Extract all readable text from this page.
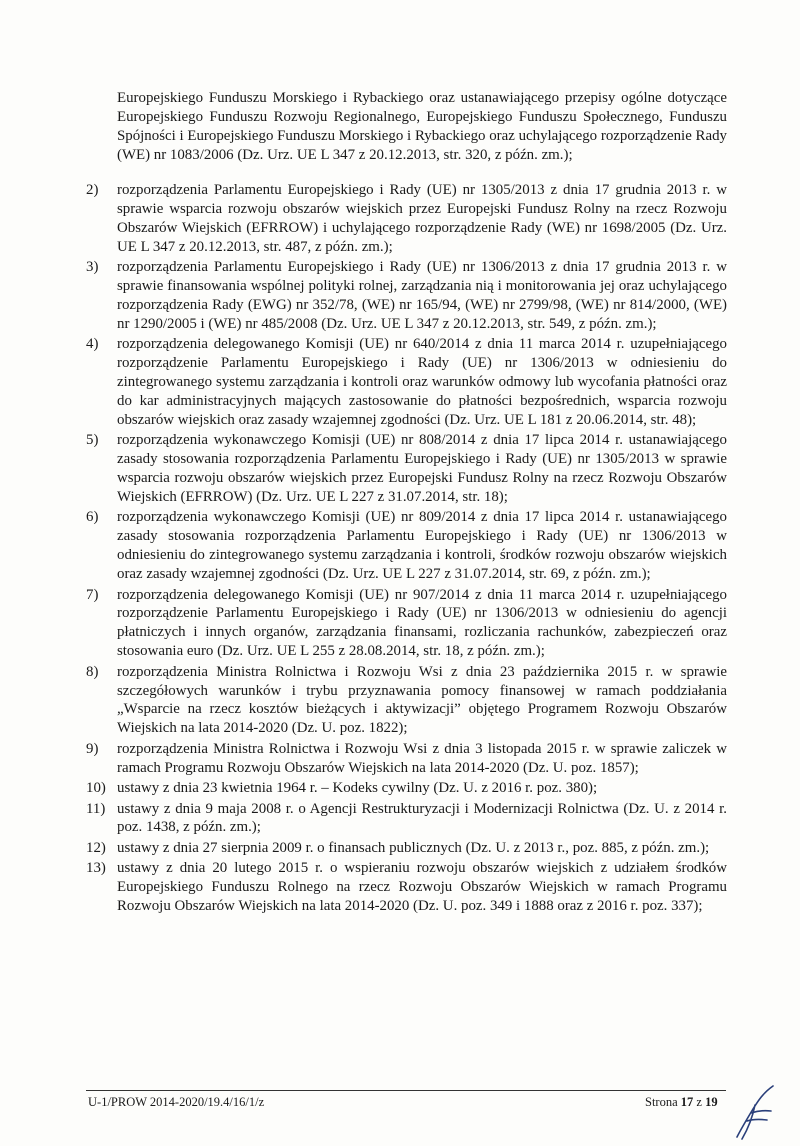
Europejskiego Funduszu Morskiego i Rybackiego oraz ustanawiającego przepisy ogólne dotyczące Europejskiego Funduszu Rozwoju Regionalnego, Europejskiego Funduszu Społecznego, Funduszu Spójności i Europejskiego Funduszu Morskiego i Rybackiego oraz uchylającego rozporządzenie Rady (WE) nr 1083/2006 (Dz. Urz. UE L 347 z 20.12.2013, str. 320, z późn. zm.);

2) rozporządzenia Parlamentu Europejskiego i Rady (UE) nr 1305/2013 z dnia 17 grudnia 2013 r. w sprawie wsparcia rozwoju obszarów wiejskich przez Europejski Fundusz Rolny na rzecz Rozwoju Obszarów Wiejskich (EFRROW) i uchylającego rozporządzenie Rady (WE) nr 1698/2005 (Dz. Urz. UE L 347 z 20.12.2013, str. 487, z późn. zm.);
3) rozporządzenia Parlamentu Europejskiego i Rady (UE) nr 1306/2013 z dnia 17 grudnia 2013 r. w sprawie finansowania wspólnej polityki rolnej, zarządzania nią i monitorowania jej oraz uchylającego rozporządzenia Rady (EWG) nr 352/78, (WE) nr 165/94, (WE) nr 2799/98, (WE) nr 814/2000, (WE) nr 1290/2005 i (WE) nr 485/2008 (Dz. Urz. UE L 347 z 20.12.2013, str. 549, z późn. zm.);
4) rozporządzenia delegowanego Komisji (UE) nr 640/2014 z dnia 11 marca 2014 r. uzupełniającego rozporządzenie Parlamentu Europejskiego i Rady (UE) nr 1306/2013 w odniesieniu do zintegrowanego systemu zarządzania i kontroli oraz warunków odmowy lub wycofania płatności oraz do kar administracyjnych mających zastosowanie do płatności bezpośrednich, wsparcia rozwoju obszarów wiejskich oraz zasady wzajemnej zgodności (Dz. Urz. UE L 181 z 20.06.2014, str. 48);
5) rozporządzenia wykonawczego Komisji (UE) nr 808/2014 z dnia 17 lipca 2014 r. ustanawiającego zasady stosowania rozporządzenia Parlamentu Europejskiego i Rady (UE) nr 1305/2013 w sprawie wsparcia rozwoju obszarów wiejskich przez Europejski Fundusz Rolny na rzecz Rozwoju Obszarów Wiejskich (EFRROW) (Dz. Urz. UE L 227 z 31.07.2014, str. 18);
6) rozporządzenia wykonawczego Komisji (UE) nr 809/2014 z dnia 17 lipca 2014 r. ustanawiającego zasady stosowania rozporządzenia Parlamentu Europejskiego i Rady (UE) nr 1306/2013 w odniesieniu do zintegrowanego systemu zarządzania i kontroli, środków rozwoju obszarów wiejskich oraz zasady wzajemnej zgodności (Dz. Urz. UE L 227 z 31.07.2014, str. 69, z późn. zm.);
7) rozporządzenia delegowanego Komisji (UE) nr 907/2014 z dnia 11 marca 2014 r. uzupełniającego rozporządzenie Parlamentu Europejskiego i Rady (UE) nr 1306/2013 w odniesieniu do agencji płatniczych i innych organów, zarządzania finansami, rozliczania rachunków, zabezpieczeń oraz stosowania euro (Dz. Urz. UE L 255 z 28.08.2014, str. 18, z późn. zm.);
8) rozporządzenia Ministra Rolnictwa i Rozwoju Wsi z dnia 23 października 2015 r. w sprawie szczegółowych warunków i trybu przyznawania pomocy finansowej w ramach poddziałania „Wsparcie na rzecz kosztów bieżących i aktywizacji” objętego Programem Rozwoju Obszarów Wiejskich na lata 2014-2020 (Dz. U. poz. 1822);
9) rozporządzenia Ministra Rolnictwa i Rozwoju Wsi z dnia 3 listopada 2015 r. w sprawie zaliczek w ramach Programu Rozwoju Obszarów Wiejskich na lata 2014-2020 (Dz. U. poz. 1857);
10) ustawy z dnia 23 kwietnia 1964 r. – Kodeks cywilny (Dz. U. z 2016 r. poz. 380);
11) ustawy z dnia 9 maja 2008 r. o Agencji Restrukturyzacji i Modernizacji Rolnictwa (Dz. U. z 2014 r. poz. 1438, z późn. zm.);
12) ustawy z dnia 27 sierpnia 2009 r. o finansach publicznych (Dz. U. z 2013 r., poz. 885, z późn. zm.);
13) ustawy z dnia 20 lutego 2015 r. o wspieraniu rozwoju obszarów wiejskich z udziałem środków Europejskiego Funduszu Rolnego na rzecz Rozwoju Obszarów Wiejskich w ramach Programu Rozwoju Obszarów Wiejskich na lata 2014-2020 (Dz. U. poz. 349 i 1888 oraz z 2016 r. poz. 337);
U-1/PROW 2014-2020/19.4/16/1/z	Strona 17 z 19
